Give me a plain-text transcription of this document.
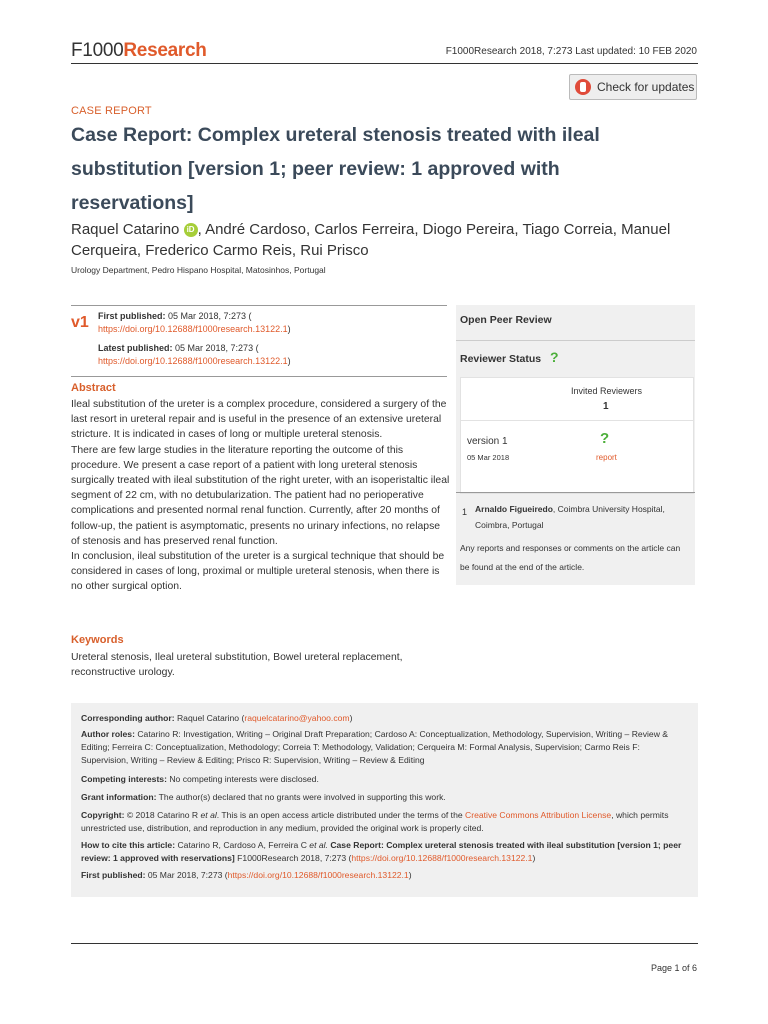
F1000Research	F1000Research 2018, 7:273 Last updated: 10 FEB 2020
Check for updates
CASE REPORT
Case Report: Complex ureteral stenosis treated with ileal substitution [version 1; peer review: 1 approved with reservations]
Raquel Catarino iD , André Cardoso, Carlos Ferreira, Diogo Pereira, Tiago Correia, Manuel Cerqueira, Frederico Carmo Reis, Rui Prisco
Urology Department, Pedro Hispano Hospital, Matosinhos, Portugal
v1 First published: 05 Mar 2018, 7:273 (
https://doi.org/10.12688/f1000research.13122.1)
Latest published: 05 Mar 2018, 7:273 (
https://doi.org/10.12688/f1000research.13122.1)
Abstract

Ileal substitution of the ureter is a complex procedure, considered a surgery of the last resort in ureteral repair and is useful in the presence of an extensive ureteral stricture. It is indicated in cases of long or multiple ureteral stenosis.

There are few large studies in the literature reporting the outcome of this procedure. We present a case report of a patient with long ureteral stenosis surgically treated with ileal substitution of the right ureter, with an isoperistaltic ileal segment of 22 cm, with no detubularization. The patient had no perioperative complications and presented normal renal function. Currently, after 20 months of follow-up, the patient is asymptomatic, presents no urinary infections, no relapse of stenosis and has preserved renal function.

In conclusion, ileal substitution of the ureter is a surgical technique that should be considered in cases of long, proximal or multiple ureteral stenosis, when there is no other surgical option.

Keywords
Ureteral stenosis, Ileal ureteral substitution, Bowel ureteral replacement, reconstructive urology.
Open Peer Review
Reviewer Status ?
Invited Reviewers
1
version 1
05 Mar 2018
?
report
1 Arnaldo Figueiredo, Coimbra University Hospital, Coimbra, Portugal
Any reports and responses or comments on the article can be found at the end of the article.

Corresponding author: Raquel Catarino (raquelcatarino@yahoo.com)

Author roles: Catarino R: Investigation, Writing – Original Draft Preparation; Cardoso A: Conceptualization, Methodology, Supervision, Writing – Review & Editing; Ferreira C: Conceptualization, Methodology; Correia T: Methodology, Validation; Cerqueira M: Formal Analysis, Supervision; Carmo Reis F: Supervision, Writing – Review & Editing; Prisco R: Supervision, Writing – Review & Editing

Competing interests: No competing interests were disclosed.

Grant information: The author(s) declared that no grants were involved in supporting this work.

Copyright: © 2018 Catarino R et al. This is an open access article distributed under the terms of the Creative Commons Attribution License, which permits unrestricted use, distribution, and reproduction in any medium, provided the original work is properly cited.

How to cite this article: Catarino R, Cardoso A, Ferreira C et al. Case Report: Complex ureteral stenosis treated with ileal substitution [version 1; peer review: 1 approved with reservations] F1000Research 2018, 7:273 (https://doi.org/10.12688/f1000research.13122.1)

First published: 05 Mar 2018, 7:273 (https://doi.org/10.12688/f1000research.13122.1)

Page 1 of 6
